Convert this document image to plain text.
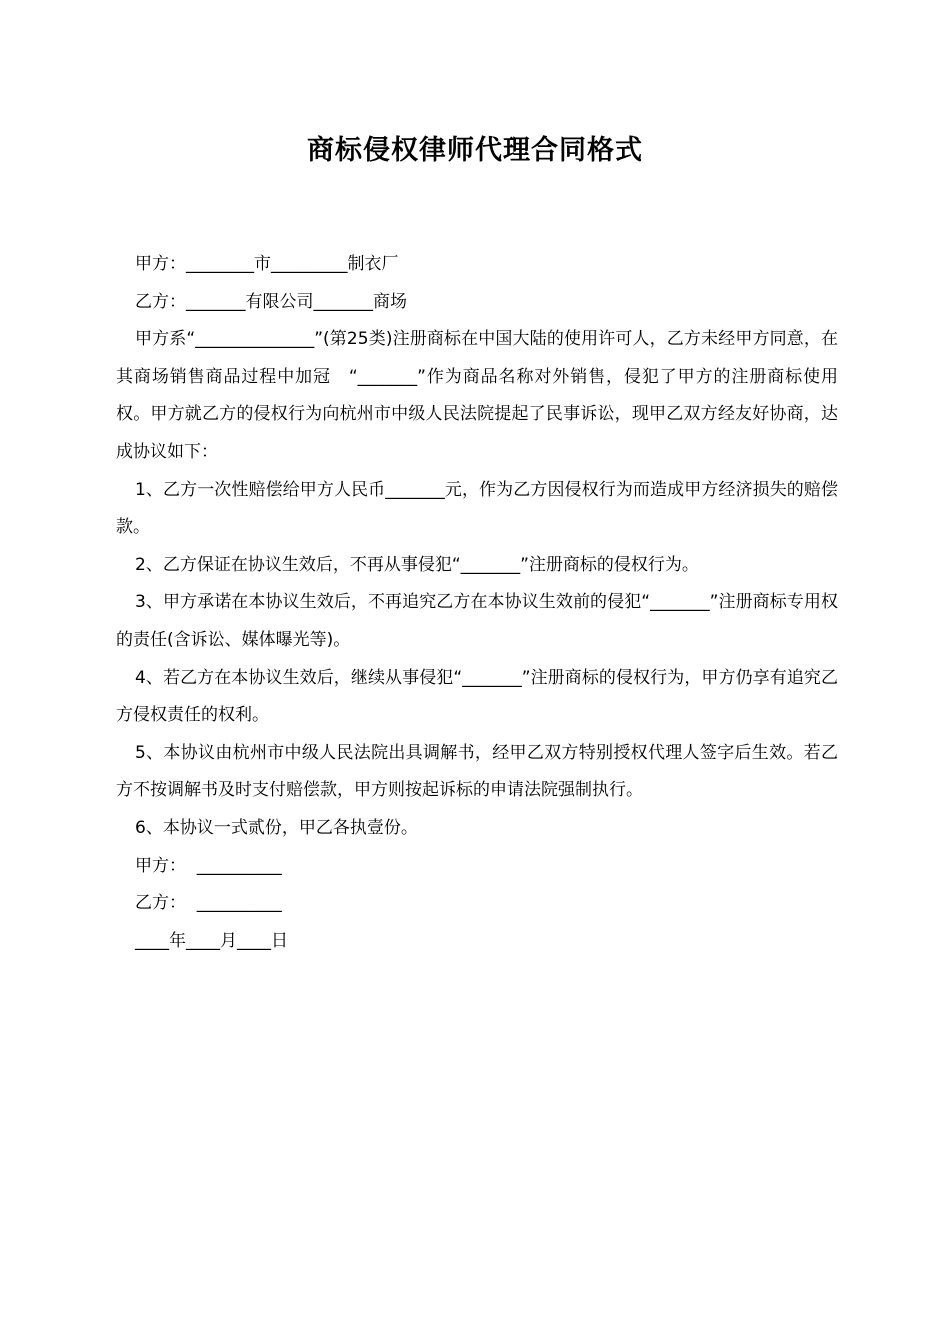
商标侵权律师代理合同格式

甲方：________市_________制衣厂

乙方：_______有限公司_______商场

甲方系“______________”(第25类)注册商标在中国大陆的使用许可人，乙方未经甲方同意，在其商场销售商品过程中加冠　“_______”作为商品名称对外销售，侵犯了甲方的注册商标使用权。甲方就乙方的侵权行为向杭州市中级人民法院提起了民事诉讼，现甲乙双方经友好协商，达成协议如下：

1、乙方一次性赔偿给甲方人民币_______元，作为乙方因侵权行为而造成甲方经济损失的赔偿款。

2、乙方保证在协议生效后，不再从事侵犯“_______”注册商标的侵权行为。

3、甲方承诺在本协议生效后，不再追究乙方在本协议生效前的侵犯“_______”注册商标专用权的责任(含诉讼、媒体曝光等)。

4、若乙方在本协议生效后，继续从事侵犯“_______”注册商标的侵权行为，甲方仍享有追究乙方侵权责任的权利。

5、本协议由杭州市中级人民法院出具调解书，经甲乙双方特别授权代理人签字后生效。若乙方不按调解书及时支付赔偿款，甲方则按起诉标的申请法院强制执行。

6、本协议一式贰份，甲乙各执壹份。

甲方：  __________

乙方：  __________

____年____月____日
